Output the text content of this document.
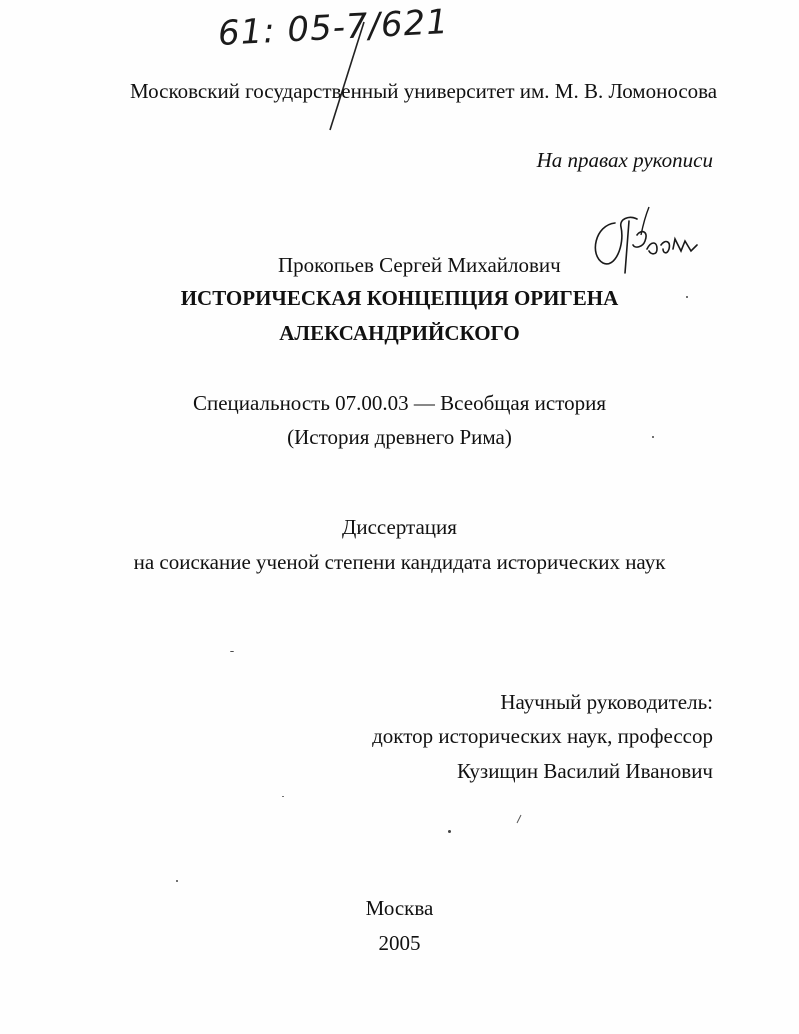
61: 05-7/621
Московский государственный университет им. М. В. Ломоносова
На правах рукописи
Прокопьев Сергей Михайлович
ИСТОРИЧЕСКАЯ КОНЦЕПЦИЯ ОРИГЕНА
АЛЕКСАНДРИЙСКОГО
Специальность 07.00.03 — Всеобщая история
(История древнего Рима)
Диссертация
на соискание ученой степени кандидата исторических наук
Научный руководитель:
доктор исторических наук, профессор
Кузищин Василий Иванович
Москва
2005
